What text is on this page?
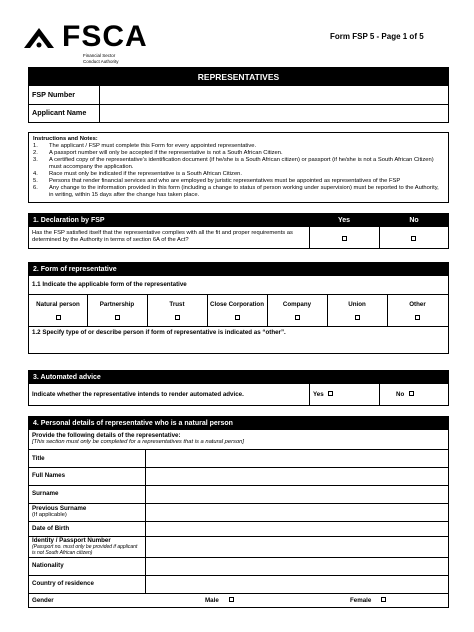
FSCA
Financial Sector
Conduct Authority
Form FSP 5 - Page 1 of 5
REPRESENTATIVES
FSP Number
Applicant Name
Instructions and Notes:
1.	The applicant / FSP must complete this Form for every appointed representative.
2.	A passport number will only be accepted if the representative is not a South African Citizen.
3.	A certified copy of the representative’s identification document (if he/she is a South African citizen) or passport (if he/she is not a South African Citizen) must accompany the application.
4.	Race must only be indicated if the representative is a South African Citizen.
5.	Persons that render financial services and who are employed by juristic representatives must be appointed as representatives of the FSP
6.	Any change to the information provided in this form (including a change to status of person working under supervision) must be reported to the Authority, in writing, within 15 days after the change has taken place.
1. Declaration by FSP	Yes	No
Has the FSP satisfied itself that the representative complies with all the fit and proper requirements as determined by the Authority in terms of section 6A of the Act?
2. Form of representative
1.1 Indicate the applicable form of the representative
Natural person	Partnership	Trust	Close Corporation	Company	Union	Other
1.2 Specify type of or describe person if form of representative is indicated as “other”.
3. Automated advice
Indicate whether the representative intends to render automated advice.	Yes	No
4. Personal details of representative who is a natural person
Provide the following details of the representative:
[This section must only be completed for a representatives that is a natural person]
Title
Full Names
Surname
Previous Surname
(If applicable)
Date of Birth
Identity / Passport Number
(Passport no. must only be provided if applicant is not South African citizen)
Nationality
Country of residence
Gender	Male	Female
